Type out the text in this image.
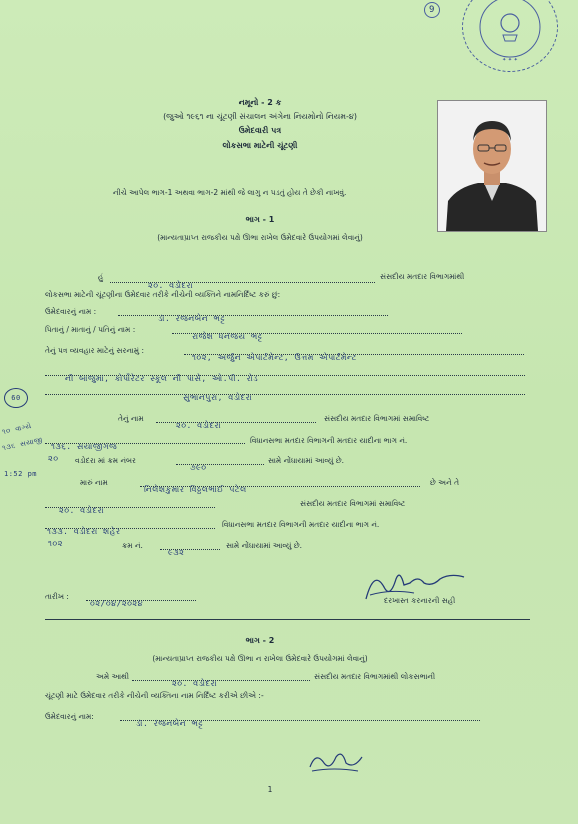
9
✦ ✦ ✦
નમૂનો - 2 ક
(જુઓ ૧૯૬૧ ના ચૂંટણી સંચાલન અંગેના નિયમોનો નિયમ-૪)
ઉમેદવારી પત્ર
લોકસભા માટેની ચૂંટણી
નીચે આપેલ ભાગ-1 અથવા ભાગ-2 માંથી જે લાગુ ન પડતું હોય તે છેકી નાખવું.
ભાગ - 1
(માન્યતાપ્રાપ્ત રાજકીય પક્ષે ઊભા રાખેલ ઉમેદવારે ઉપયોગમાં લેવાનું)
હું
૨૦. વડોદરા
સંસદીય મતદાર વિભાગમાંથી
લોકસભા માટેની ચૂંટણીના ઉમેદવાર તરીકે નીચેની વ્યક્તિને નામનિર્દિષ્ટ કરું છું:
ઉમેદવારનું નામ :
ડૉ. રંજનબેન ભટ્ટ
પિતાનું / માતાનું / પતિનું નામ :
રાજેશ ધનંજય ભટ્ટ
તેનું પત્ર વ્યવહાર માટેનું સરનામું :
૧૦૨, અર્જુન એપાર્ટમેન્ટ, ઉત્તમ એપાર્ટમેન્ટ
ની બાજુમાં, કોર્પોરેટર સ્કૂલ ની પાસે, ઓ.પી. રોડ
સુભાનપુરા, વડોદરા
60
૧૦ વાગ્યે
૧૩૬ સયાજી
1:52 pm
તેનું નામ
૨૦. વડોદરા
સંસદીય મતદાર વિભાગમાં સમાવિષ્ટ
૧૩૬. સયાજીગંજ
વિધાનસભા મતદાર વિભાગની મતદાર યાદીના ભાગ નં.
૨૦ વડોદરા માં ક્રમ નંબર
૭૯૦
સામે નોંધાયામાં આવ્યું છે.
મારું નામ
નિલેશકુમાર વિઠ્ઠલભાઈ પટેલ
છે અને તે
૨૦. વડોદરા
સંસદીય મતદાર વિભાગમાં સમાવિષ્ટ
૧૩૩. વડોદરા શહેર
વિધાનસભા મતદાર વિભાગની મતદાર યાદીના ભાગ નં.
૧૦૨	ક્રમ નં.
૯૩૨
સામે નોંધાયામાં આવ્યું છે.
તારીખ :
૦૨/૦૪/૨૦૨૪	દરખાસ્ત કરનારની સહી
ભાગ - 2
(માન્યતાપ્રાપ્ત રાજકીય પક્ષે ઊભા ન રાખેલા ઉમેદવારે ઉપયોગમાં લેવાનું)
અમે આથી
૨૦. વડોદરા
સંસદીય મતદાર વિભાગમાંથી લોકસભાની
ચૂંટણી માટે ઉમેદવાર તરીકે નીચેની વ્યક્તિના નામ નિર્દિષ્ટ કરીએ છીએ :-
ઉમેદવારનું નામ:
ડૉ. રંજનબેન ભટ્ટ
1
